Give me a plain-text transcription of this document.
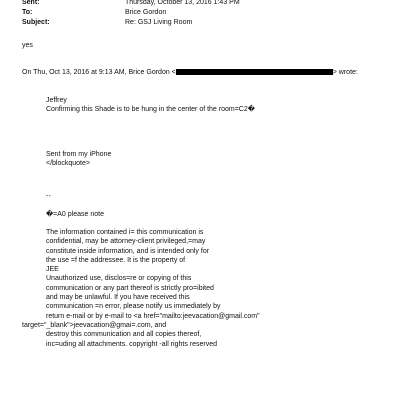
Sent:	Thursday, October 13, 2016 1:43 PM
To:	Brice Gordon
Subject:	Re: GSJ Living Room
yes
On Thu, Oct 13, 2016 at 9:13 AM, Brice Gordon <	> wrote:
Jeffrey
Confirming this Shade is to be hung in the center of the room=C2�
Sent from my iPhone
</blockquote>
--
�=A0 please note
The information contained i= this communication is
confidential, may be attorney-client privileged,=may
constitute inside information, and is intended only for
the use =f the addressee. It is the property of
JEE
Unauthorized use, disclos=re or copying of this
communication or any part thereof is strictly pro=ibited
and may be unlawful. If you have received this
communication =n error, please notify us immediately by
return e-mail or by e-mail to <a href="mailto:jeevacation@gmail.com"
target="_blank">jeevacation@gmai=.com, and
destroy this communication and all copies thereof,
inc=uding all attachments. copyright -all rights reserved
